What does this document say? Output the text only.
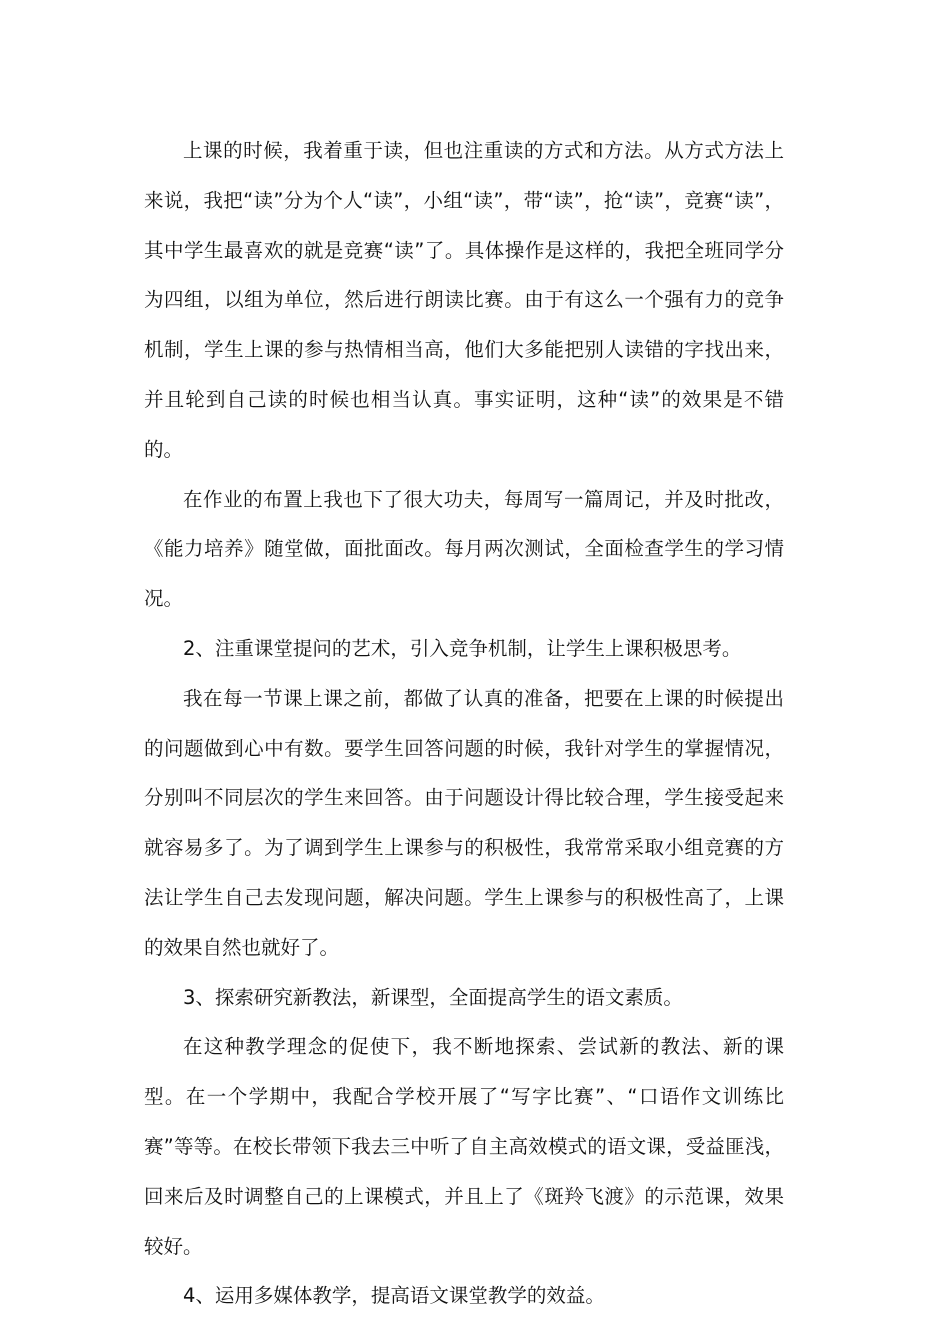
上课的时候，我着重于读，但也注重读的方式和方法。从方式方法上来说，我把“读”分为个人“读”，小组“读”，带“读”，抢“读”，竞赛“读”，其中学生最喜欢的就是竞赛“读”了。具体操作是这样的，我把全班同学分为四组，以组为单位，然后进行朗读比赛。由于有这么一个强有力的竞争机制，学生上课的参与热情相当高，他们大多能把别人读错的字找出来，并且轮到自己读的时候也相当认真。事实证明，这种“读”的效果是不错的。

在作业的布置上我也下了很大功夫，每周写一篇周记，并及时批改，《能力培养》随堂做，面批面改。每月两次测试，全面检查学生的学习情况。

2、注重课堂提问的艺术，引入竞争机制，让学生上课积极思考。

我在每一节课上课之前，都做了认真的准备，把要在上课的时候提出的问题做到心中有数。要学生回答问题的时候，我针对学生的掌握情况，分别叫不同层次的学生来回答。由于问题设计得比较合理，学生接受起来就容易多了。为了调到学生上课参与的积极性，我常常采取小组竞赛的方法让学生自己去发现问题，解决问题。学生上课参与的积极性高了，上课的效果自然也就好了。

3、探索研究新教法，新课型，全面提高学生的语文素质。

在这种教学理念的促使下，我不断地探索、尝试新的教法、新的课型。在一个学期中，我配合学校开展了“写字比赛”、“口语作文训练比赛”等等。在校长带领下我去三中听了自主高效模式的语文课，受益匪浅，回来后及时调整自己的上课模式，并且上了《斑羚飞渡》的示范课，效果较好。

4、运用多媒体教学，提高语文课堂教学的效益。
